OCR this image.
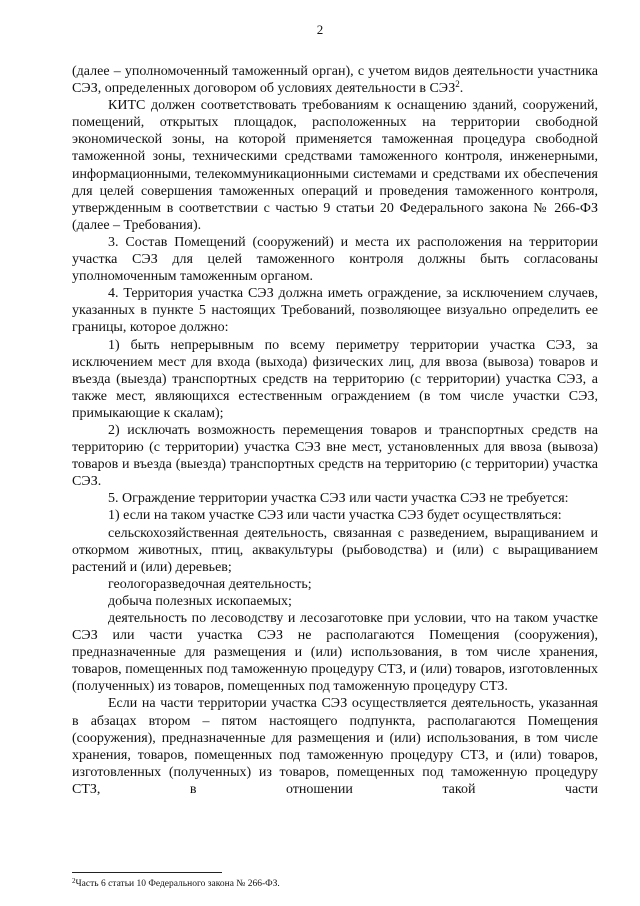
2

(далее – уполномоченный таможенный орган), с учетом видов деятельности участника СЭЗ, определенных договором об условиях деятельности в СЭЗ$^2$.

КИТС должен соответствовать требованиям к оснащению зданий, сооружений, помещений, открытых площадок, расположенных на территории свободной экономической зоны, на которой применяется таможенная процедура свободной таможенной зоны, техническими средствами таможенного контроля, инженерными, информационными, телекоммуникационными системами и средствами их обеспечения для целей совершения таможенных операций и проведения таможенного контроля, утвержденным в соответствии с частью 9 статьи 20 Федерального закона № 266-ФЗ (далее – Требования).

3. Состав Помещений (сооружений) и места их расположения на территории участка СЭЗ для целей таможенного контроля должны быть согласованы уполномоченным таможенным органом.

4. Территория участка СЭЗ должна иметь ограждение, за исключением случаев, указанных в пункте 5 настоящих Требований, позволяющее визуально определить ее границы, которое должно:

1) быть непрерывным по всему периметру территории участка СЭЗ, за исключением мест для входа (выхода) физических лиц, для ввоза (вывоза) товаров и въезда (выезда) транспортных средств на территорию (с территории) участка СЭЗ, а также мест, являющихся естественным ограждением (в том числе участки СЭЗ, примыкающие к скалам);

2) исключать возможность перемещения товаров и транспортных средств на территорию (с территории) участка СЭЗ вне мест, установленных для ввоза (вывоза) товаров и въезда (выезда) транспортных средств на территорию (с территории) участка СЭЗ.

5. Ограждение территории участка СЭЗ или части участка СЭЗ не требуется:

1) если на таком участке СЭЗ или части участка СЭЗ будет осуществляться:

сельскохозяйственная деятельность, связанная с разведением, выращиванием и откормом животных, птиц, аквакультуры (рыбоводства) и (или) с выращиванием растений и (или) деревьев;

геологоразведочная деятельность;

добыча полезных ископаемых;

деятельность по лесоводству и лесозаготовке при условии, что на таком участке СЭЗ или части участка СЭЗ не располагаются Помещения (сооружения), предназначенные для размещения и (или) использования, в том числе хранения, товаров, помещенных под таможенную процедуру СТЗ, и (или) товаров, изготовленных (полученных) из товаров, помещенных под таможенную процедуру СТЗ.

Если на части территории участка СЭЗ осуществляется деятельность, указанная в абзацах втором – пятом настоящего подпункта, располагаются Помещения (сооружения), предназначенные для размещения и (или) использования, в том числе хранения, товаров, помещенных под таможенную процедуру СТЗ, и (или) товаров, изготовленных (полученных) из товаров, помещенных под таможенную процедуру СТЗ, в отношении такой части

$^2$Часть 6 статьи 10 Федерального закона № 266-ФЗ.
